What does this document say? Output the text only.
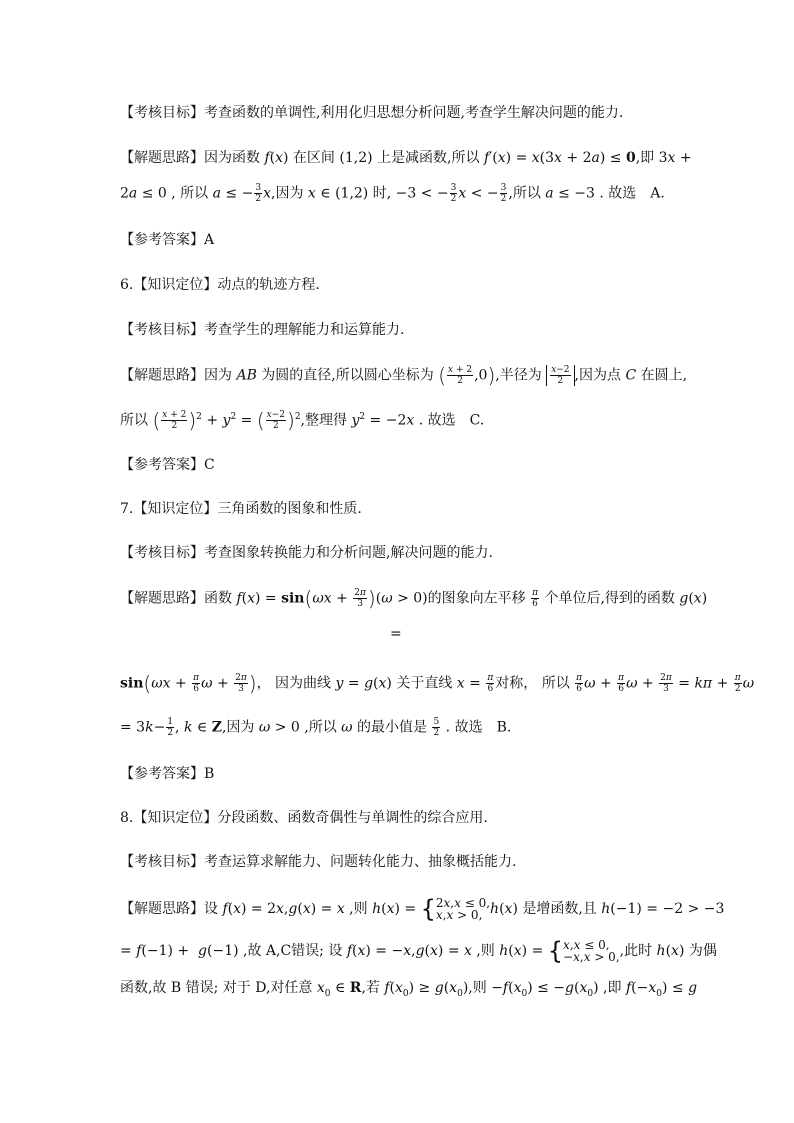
【考核目标】考查函数的单调性,利用化归思想分析问题,考查学生解决问题的能力.
【解题思路】因为函数 f(x) 在区间 (1,2) 上是减函数,所以 f′(x) = x(3x + 2a) ≤ 0,即 3x +
2a ≤ 0 , 所以 a ≤ − $\frac{3}{2} x$,因为 x ∈ (1,2) 时, −3 < − $\frac{3}{2}$ x < − $\frac{3}{2}$ ,所以 a ≤ −3 . 故选　A.
【参考答案】A
6.【知识定位】动点的轨迹方程.
【考核目标】考查学生的理解能力和运算能力.
【解题思路】因为 AB 为圆的直径,所以圆心坐标为 ( $\frac{x + 2}{2} ,0$),半径为 $\frac{x-2}{2}$ ,因为点 C 在圆上,
所以 ( $\frac{x + 2}{2} )^2 + y^2$ = ( $\frac{x-2}{2} )^2$,整理得 $y^2 = -2x$ . 故选　C.
【参考答案】C
7.【知识定位】三角函数的图象和性质.
【考核目标】考查图象转换能力和分析问题,解决问题的能力.
【解题思路】函数 $f(x) = \sin(\omega x + \frac{2\pi}{3} )(\omega > 0)$的图象向左平移 $\frac{\pi}{6}$ 个单位后,得到的函数 g(x)
=
$\sin(\omega x + \frac{\pi}{6}$ $\omega + \frac{2\pi}{3}$ )， 因为曲线 y = g(x) 关于直线 $x = \frac{\pi}{6}$ 对称， 所以 $\frac{\pi}{6}$ $\omega + \frac{\pi}{6}$ $\omega + \frac{2\pi}{3} = k\pi + \frac{\pi}{2}$ ω
= $3k- \frac{1}{2}$ , k ∈ Z,因为 ω > 0 ,所以 ω 的最小值是 $\frac{5}{2}$ . 故选　B.
【参考答案】B
8.【知识定位】分段函数、函数奇偶性与单调性的综合应用.
【考核目标】考查运算求解能力、问题转化能力、抽象概括能力.
【解题思路】设 f(x) = 2x,g(x) = x ,则 h(x) = { 2x,x ≤ 0,
x,x > 0, h(x) 是增函数,且 h(−1) = −2 > −3
= f(−1) +  g(−1) ,故 A,C错误; 设 f(x) = −x,g(x) = x ,则 h(x) = { x,x ≤ 0,
−x,x > 0, ,此时 h(x) 为偶
函数,故 B 错误; 对于 D,对任意 $x_0$ ∈ R,若 $f(x_0) \ge g(x_0)$,则 $-f(x_0) \le -g(x_0)$ ,即 $f(-x_0) \le g$
